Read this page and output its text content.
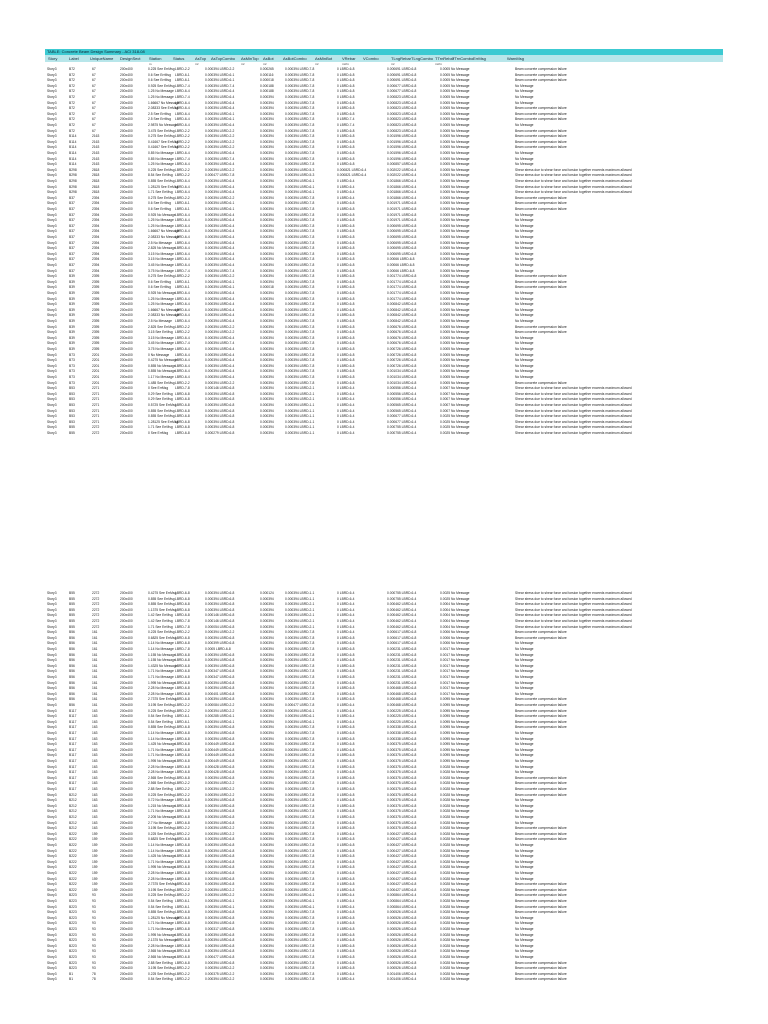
TABLE: Concrete Beam Design Summary - ACI 318-08
Story	Label	UniqueName DesignSect Station	Status	AsTop AsTopCombo AsMinTop AsBot AsBotCombo AsMinBot VRebar VCombo	TLngRebar TLngCombo TTrnRebar
TTrnCombo ErrMsg	WarnMsg
m	m²	m²	m²	m²	m²/m	m²	m²/m
Story3	B72	67	200x400	0.225 See ErrMsg LBRD-2-2	0.000394 LBRD-2-2	0.000265	0.000394 LBRD-7-8	0 LBRD-6-8	0.000691 LBRD-6-8	0.0005 No Message	Beam concrete compression failure
Story3	B72	67	200x400	0.6 See ErrMsg LBRD-6-1	0.000394 LBRD-6-1	0.000116	0.000394 LBRD-7-8	0 LBRD-6-8	0.000691 LBRD-6-8	0.0005 No Message	Beam concrete compression failure
Story3	B72	67	200x400	0.6 See ErrMsg LBRD-6-1	0.000394 LBRD-6-1	0.000018	0.000394 LBRD-7-8	0 LBRD-6-8	0.000691 LBRD-6-8	0.0005 No Message	Beam concrete compression failure
Story3	B72	67	200x400	0.925 See ErrMsg LBRD-7-4	0.000394 LBRD-7-4	0.000188	0.000394 LBRD-7-8	0 LBRD-6-8	0.000677 LBRD-6-8	0.0005 No Message	No Message
Story3	B72	67	200x400	1.25 No Message LBRD-6-4	0.000394 LBRD-6-4	0.000188	0.000394 LBRD-7-8	0 LBRD-6-8	0.000677 LBRD-6-8	0.0005 No Message	No Message
Story3	B72	67	200x400	1.25 No Message LBRD-7-4	0.000394 LBRD-6-4	0.000394	0.000394 LBRD-7-8	0 LBRD-6-8	0.000823 LBRD-6-8	0.0005 No Message	No Message
Story3	B72	67	200x400	1.66667 No Message
LBRD-6-4	0.000394 LBRD-6-4	0.000394	0.000394 LBRD-7-8	0 LBRD-6-8	0.000823 LBRD-6-8	0.0005 No Message	No Message
Story3	B72	67	200x400	2.08333 See ErrMsg
LBRD-6-4	0.000394 LBRD-6-4	0.000394	0.000394 LBRD-7-8	0 LBRD-6-8	0.000823 LBRD-6-8	0.0005 No Message	Beam concrete compression failure
Story3	B72	67	200x400	2.5 See ErrMsg LBRD-6-4	0.000394 LBRD-6-1	0.000394	0.000394 LBRD-7-8	0 LBRD-6-8	0.000823 LBRD-6-8	0.0005 No Message	Beam concrete compression failure
Story3	B72	67	200x400	2.5 See ErrMsg LBRD-6-4	0.000394 LBRD-6-1	0.000394	0.000394 LBRD-7-8	0 LBRD-7-4	0.000823 LBRD-6-8	0.0005 No Message	Beam concrete compression failure
Story3	B72	67	200x400	2.9875 No Message
LBRD-6-4	0.000394 LBRD-6-4	0.000394	0.000394 LBRD-7-8	0 LBRD-7-4	0.000823 LBRD-6-8	0.0005 No Message	No Message
Story3	B72	67	200x400	3.475 See ErrMsg LBRD-2-2	0.000394 LBRD-2-2	0.000394	0.000394 LBRD-7-8	0 LBRD-6-8	0.000823 LBRD-6-8	0.0005 No Message	Beam concrete compression failure
Story3	B114	2163	200x400	0.275 See ErrMsg LBRD-2-2	0.000394 LBRD-2-2	0.000394	0.000394 LBRD-7-8	0 LBRD-6-8	0.001596 LBRD-6-8	0.0005 No Message	Beam concrete compression failure
Story3	B114	2163	200x400	0.41667 See ErrMsg
LBRD-2-2	0.000394 LBRD-2-2	0.000394	0.000394 LBRD-7-8	0 LBRD-6-8	0.001596 LBRD-6-8	0.0005 No Message	Beam concrete compression failure
Story3	B114	2163	200x400	0.41667 See ErrMsg
LBRD-2-2	0.000394 LBRD-2-2	0.000394	0.000394 LBRD-7-8	0 LBRD-6-8	0.001596 LBRD-6-8	0.0005 No Message	Beam concrete compression failure
Story3	B114	2163	200x400	0.85 No Message LBRD-6-4	0.000394 LBRD-6-4	0.000394	0.000394 LBRD-7-8	0 LBRD-6-8	0.001596 LBRD-6-8	0.0005 No Message	No Message
Story3	B114	2163	200x400	0.85 No Message LBRD-7-4	0.000394 LBRD-7-4	0.000394	0.000394 LBRD-7-8	0 LBRD-6-8	0.001596 LBRD-6-8	0.0005 No Message	No Message
Story3	B114	2163	200x400	1.25 No Message LBRD-6-4	0.000394 LBRD-6-4	0.000394	0.000394 LBRD-7-8	0 LBRD-6-8	0.000857 LBRD-6-8	0.0005 No Message	No Message
Story3	B298	2818	200x400	0.225 See ErrMsg LBRD-2-2	0.000394 LBRD-2-2	0.000394	0.000394 LBRD-5-3	0.000821 LBRD-6-4	0.002022 LBRD-6-4	0.0005 No Message	Shear stress due to shear force and torsion together exceeds maximum allowed
Story3	B298	2818	200x400	8.54 See ErrMsg LBRD-2-2	0.000477 LBRD-7-8	0.000394	0.000394 LBRD-5-3	0.000821 LBRD-6-4	0.002022 LBRD-6-4	0.0005 No Message	Shear stress due to shear force and torsion together exceeds maximum allowed
Story3	B298	2818	200x400	0.855 See ErrMsg LBRD-6-4	0.000394 LBRD-6-4	0.000394	0.000394 LBRD-6-1	0 LBRD-6-4	0.001866 LBRD-6-4	0.0005 No Message	Shear stress due to shear force and torsion together exceeds maximum allowed
Story3	B298	2818	200x400	1.28125 See ErrMsg
LBRD-6-4	0.000394 LBRD-6-4	0.000394	0.000394 LBRD-6-1	0 LBRD-6-4	0.001866 LBRD-6-4	0.0005 No Message	Shear stress due to shear force and torsion together exceeds maximum allowed
Story3	B298	2818	200x400	1.71 See ErrMsg LBRD-6-4	0.000394 LBRD-6-4	0.000394	0.000394 LBRD-6-1	0 LBRD-6-4	0.001866 LBRD-6-4	0.0005 No Message	Shear stress due to shear force and torsion together exceeds maximum allowed
Story3	B37	2394	200x400	0.275 See ErrMsg LBRD-2-2	0.000394 LBRD-2-2	0.000394	0.000394 LBRD-7-8	0 LBRD-6-4	0.001866 LBRD-6-4	0.0005 No Message	Beam concrete compression failure
Story3	B37	2394	200x400	0.6 See ErrMsg LBRD-6-1	0.000394 LBRD-6-1	0.000394	0.000394 LBRD-7-8	0 LBRD-6-8	0.001971 LBRD-6-8	0.0005 No Message	Beam concrete compression failure
Story3	B37	2394	200x400	0.6 See ErrMsg LBRD-6-1	0.000394 LBRD-6-1	0.000394	0.000394 LBRD-7-8	0 LBRD-6-8	0.001971 LBRD-6-8	0.0005 No Message	Beam concrete compression failure
Story3	B37	2394	200x400	0.925 No Message LBRD-6-4	0.000394 LBRD-6-4	0.000394	0.000394 LBRD-7-8	0 LBRD-6-8	0.001971 LBRD-6-8	0.0005 No Message	No Message
Story3	B37	2394	200x400	1.25 No Message LBRD-6-4	0.000394 LBRD-6-4	0.000394	0.000394 LBRD-7-8	0 LBRD-6-8	0.001971 LBRD-6-8	0.0005 No Message	No Message
Story3	B37	2394	200x400	1.25 No Message LBRD-6-4	0.000394 LBRD-6-4	0.000394	0.000394 LBRD-7-8	0 LBRD-6-8	0.000695 LBRD-6-8	0.0005 No Message	No Message
Story3	B37	2394	200x400	1.66667 No Message
LBRD-6-4	0.000394 LBRD-6-4	0.000394	0.000394 LBRD-7-8	0 LBRD-6-8	0.000695 LBRD-6-8	0.0005 No Message	No Message
Story3	B37	2394	200x400	2.08333 No Message
LBRD-6-4	0.000394 LBRD-6-4	0.000394	0.000394 LBRD-7-8	0 LBRD-6-8	0.000695 LBRD-6-8	0.0005 No Message	No Message
Story3	B37	2394	200x400	2.5 No Message LBRD-6-4	0.000394 LBRD-6-4	0.000394	0.000394 LBRD-7-8	0 LBRD-6-8	0.000695 LBRD-6-8	0.0005 No Message	No Message
Story3	B37	2394	200x400	2.825 No Message LBRD-6-4	0.000394 LBRD-6-4	0.000394	0.000394 LBRD-7-8	0 LBRD-6-8	0.000695 LBRD-6-8	0.0005 No Message	No Message
Story3	B37	2394	200x400	3.15 No Message LBRD-6-4	0.000394 LBRD-6-4	0.000394	0.000394 LBRD-7-8	0 LBRD-6-8	0.000695 LBRD-6-8	0.0005 No Message	No Message
Story3	B37	2394	200x400	3.15 No Message LBRD-6-4	0.000394 LBRD-6-4	0.000394	0.000394 LBRD-7-8	0 LBRD-6-8	0.00066 LBRD-6-8	0.0005 No Message	No Message
Story3	B37	2394	200x400	3.45 No Message LBRD-6-4	0.000394 LBRD-6-4	0.000394	0.000394 LBRD-7-8	0 LBRD-6-8	0.00066 LBRD-6-8	0.0005 No Message	No Message
Story3	B37	2394	200x400	3.75 No Message LBRD-7-4	0.000394 LBRD-7-4	0.000394	0.000394 LBRD-7-8	0 LBRD-6-8	0.00066 LBRD-6-8	0.0005 No Message	No Message
Story3	B39	2395	200x400	0.275 See ErrMsg LBRD-2-2	0.000394 LBRD-2-2	0.000394	0.000394 LBRD-7-8	0 LBRD-6-8	0.001774 LBRD-6-8	0.0005 No Message	Beam concrete compression failure
Story3	B39	2395	200x400	0.6 See ErrMsg LBRD-6-1	0.000394 LBRD-6-1	0.000394	0.000394 LBRD-7-8	0 LBRD-6-8	0.001774 LBRD-6-8	0.0005 No Message	Beam concrete compression failure
Story3	B39	2395	200x400	0.6 See ErrMsg LBRD-6-1	0.000394 LBRD-6-1	0.000018	0.000394 LBRD-7-8	0 LBRD-6-8	0.001774 LBRD-6-8	0.0005 No Message	Beam concrete compression failure
Story3	B39	2395	200x400	0.925 No Message LBRD-6-4	0.000394 LBRD-6-4	0.000394	0.000394 LBRD-7-8	0 LBRD-6-8	0.001774 LBRD-6-8	0.0005 No Message	No Message
Story3	B39	2395	200x400	1.25 No Message LBRD-6-4	0.000394 LBRD-6-4	0.000394	0.000394 LBRD-7-8	0 LBRD-6-8	0.001774 LBRD-6-8	0.0005 No Message	No Message
Story3	B39	2395	200x400	1.25 No Message LBRD-6-4	0.000394 LBRD-6-4	0.000394	0.000394 LBRD-7-8	0 LBRD-6-8	0.000842 LBRD-6-8	0.0005 No Message	No Message
Story3	B39	2395	200x400	1.66667 No Message
LBRD-6-4	0.000394 LBRD-6-4	0.000394	0.000394 LBRD-7-8	0 LBRD-6-8	0.000842 LBRD-6-8	0.0005 No Message	No Message
Story3	B39	2395	200x400	2.08333 No Message
LBRD-6-4	0.000394 LBRD-6-4	0.000394	0.000394 LBRD-7-8	0 LBRD-6-8	0.000842 LBRD-6-8	0.0005 No Message	No Message
Story3	B39	2395	200x400	2.5 No Message LBRD-6-4	0.000394 LBRD-6-4	0.000394	0.000394 LBRD-7-8	0 LBRD-6-8	0.000842 LBRD-6-8	0.0005 No Message	No Message
Story3	B39	2395	200x400	2.825 See ErrMsg LBRD-2-2	0.000394 LBRD-2-2	0.000394	0.000394 LBRD-7-8	0 LBRD-6-8	0.000676 LBRD-6-8	0.0005 No Message	Beam concrete compression failure
Story3	B39	2395	200x400	3.15 See ErrMsg LBRD-2-2	0.000394 LBRD-2-2	0.000394	0.000394 LBRD-7-8	0 LBRD-6-8	0.000676 LBRD-6-8	0.0005 No Message	Beam concrete compression failure
Story3	B39	2395	200x400	3.15 No Message LBRD-6-4	0.000394 LBRD-6-4	0.000394	0.000394 LBRD-7-8	0 LBRD-6-8	0.000676 LBRD-6-8	0.0005 No Message	No Message
Story3	B39	2395	200x400	3.45 No Message LBRD-7-4	0.000394 LBRD-7-4	0.000394	0.000394 LBRD-7-8	0 LBRD-6-8	0.000676 LBRD-6-8	0.0005 No Message	No Message
Story3	B39	2395	200x400	3.75 No Message LBRD-6-4	0.000394 LBRD-6-4	0.000394	0.000394 LBRD-7-8	0 LBRD-6-8	0.000726 LBRD-6-8	0.0005 No Message	No Message
Story3	B73	2201	200x400	0 No Message LBRD-6-4	0.000394 LBRD-6-4	0.000394	0.000394 LBRD-7-8	0 LBRD-6-8	0.000726 LBRD-6-8	0.0005 No Message	No Message
Story3	B73	2201	200x400	0.4275 No Message
LBRD-6-4	0.000394 LBRD-6-4	0.000394	0.000394 LBRD-7-8	0 LBRD-6-8	0.000726 LBRD-6-8	0.0005 No Message	No Message
Story3	B73	2201	200x400	0.855 No Message LBRD-6-4	0.000394 LBRD-6-4	0.000394	0.000394 LBRD-7-8	0 LBRD-6-8	0.000726 LBRD-6-8	0.0005 No Message	No Message
Story3	B73	2201	200x400	0.855 No Message LBRD-6-4	0.000394 LBRD-6-4	0.000394	0.000394 LBRD-7-8	0 LBRD-6-8	0.001034 LBRD-6-8	0.0005 No Message	No Message
Story3	B73	2201	200x400	1.17 No Message LBRD-6-4	0.000394 LBRD-6-4	0.000394	0.000394 LBRD-7-8	0 LBRD-6-8	0.001034 LBRD-6-8	0.0005 No Message	No Message
Story3	B73	2201	200x400	1.485 See ErrMsg LBRD-2-2	0.000394 LBRD-2-2	0.000394	0.000394 LBRD-7-8	0 LBRD-6-8	0.001034 LBRD-6-8	0.0005 No Message	Beam concrete compression failure
Story3	B53	2271	200x400	0 See ErrMsg LBRD-7-8	0.000146 LBRD-6-8	0.000394	0.000394 LBRD-2-1	0 LBRD-6-4	0.000556 LBRD-6-4	0.0007 No Message	Shear stress due to shear force and torsion together exceeds maximum allowed
Story3	B53	2271	200x400	0.29 See ErrMsg LBRD-6-8	0.000394 LBRD-6-8	0.000394	0.000394 LBRD-2-1	0 LBRD-6-4	0.000556 LBRD-6-4	0.0007 No Message	Shear stress due to shear force and torsion together exceeds maximum allowed
Story3	B53	2271	200x400	0.29 See ErrMsg LBRD-6-8	0.000394 LBRD-6-8	0.000394	0.000394 LBRD-2-1	0 LBRD-6-4	0.000556 LBRD-6-4	0.0007 No Message	Shear stress due to shear force and torsion together exceeds maximum allowed
Story3	B53	2271	200x400	0.5725 See ErrMsg
LBRD-6-8	0.000394 LBRD-6-8	0.000394	0.000394 LBRD-1-1	0 LBRD-6-4	0.000565 LBRD-6-4	0.0007 No Message	Shear stress due to shear force and torsion together exceeds maximum allowed
Story3	B53	2271	200x400	0.855 See ErrMsg LBRD-6-8	0.000394 LBRD-6-8	0.000394	0.000394 LBRD-1-1	0 LBRD-6-4	0.000565 LBRD-6-4	0.0007 No Message	Shear stress due to shear force and torsion together exceeds maximum allowed
Story3	B53	2271	200x400	0.855 See ErrMsg LBRD-6-8	0.000394 LBRD-6-8	0.000394	0.000394 LBRD-1-1	0 LBRD-6-4	0.000677 LBRD-6-4	0.0025 No Message	Shear stress due to shear force and torsion together exceeds maximum allowed
Story3	B53	2271	200x400	1.28125 See ErrMsg
LBRD-6-8	0.000394 LBRD-6-8	0.000394	0.000394 LBRD-1-1	0 LBRD-6-4	0.000677 LBRD-6-4	0.0025 No Message	Shear stress due to shear force and torsion together exceeds maximum allowed
Story3	B55	2272	200x400	1.71 See ErrMsg LBRD-6-8	0.000394 LBRD-6-8	0.000394	0.000394 LBRD-1-1	0 LBRD-6-4	0.000755 LBRD-6-4	0.0025 No Message	Shear stress due to shear force and torsion together exceeds maximum allowed
Story3	B55	2272	200x400	0 See ErrMsg LBRD-6-8	0.000279 LBRD-6-8	0.000394	0.000394 LBRD-1-1	0 LBRD-6-4	0.000755 LBRD-6-4	0.0025 No Message	Shear stress due to shear force and torsion together exceeds maximum allowed
Story3	B55	2272	200x400	0.4275 See ErrMsg
LBRD-6-8	0.000394 LBRD-6-8	0.000124	0.000394 LBRD-1-1	0 LBRD-6-4	0.000755 LBRD-6-4	0.0025 No Message	Shear stress due to shear force and torsion together exceeds maximum allowed
Story3	B55	2272	200x400	0.855 See ErrMsg LBRD-6-8	0.000394 LBRD-6-8	0.000394	0.000394 LBRD-1-1	0 LBRD-6-4	0.000755 LBRD-6-4	0.0025 No Message	Shear stress due to shear force and torsion together exceeds maximum allowed
Story3	B55	2272	200x400	0.855 See ErrMsg LBRD-6-8	0.000394 LBRD-6-8	0.000394	0.000394 LBRD-2-1	0 LBRD-6-4	0.000462 LBRD-6-4	0.0004 No Message	Shear stress due to shear force and torsion together exceeds maximum allowed
Story3	B55	2272	200x400	1.1375 See ErrMsg
LBRD-6-8	0.000394 LBRD-6-8	0.000394	0.000394 LBRD-2-1	0 LBRD-6-4	0.000462 LBRD-6-4	0.0004 No Message	Shear stress due to shear force and torsion together exceeds maximum allowed
Story3	B55	2272	200x400	1.42 See ErrMsg LBRD-6-8	0.000146 LBRD-6-8	0.000394	0.000394 LBRD-2-1	0 LBRD-6-4	0.000462 LBRD-6-4	0.0004 No Message	Shear stress due to shear force and torsion together exceeds maximum allowed
Story3	B55	2272	200x400	1.42 See ErrMsg LBRD-7-8	0.000146 LBRD-6-8	0.000394	0.000394 LBRD-2-1	0 LBRD-6-4	0.000462 LBRD-6-4	0.0004 No Message	Shear stress due to shear force and torsion together exceeds maximum allowed
Story3	B55	2272	200x400	1.71 See ErrMsg LBRD-7-8	0.000054 LBRD-6-8	0.000394	0.000394 LBRD-2-1	0 LBRD-6-4	0.000462 LBRD-6-4	0.0004 No Message	Shear stress due to shear force and torsion together exceeds maximum allowed
Story3	B56	161	200x400	0.225 See ErrMsg LBRD-2-2	0.000394 LBRD-2-2	0.000394	0.000394 LBRD-7-8	0 LBRD-6-4	0.000617 LBRD-6-8	0.0006 No Message	Beam concrete compression failure
Story3	B56	161	200x400	0.6825 See ErrMsg
LBRD-6-8	0.000394 LBRD-6-8	0.000394	0.000394 LBRD-7-8	0 LBRD-6-8	0.000617 LBRD-6-8	0.0006 No Message	Beam concrete compression failure
Story3	B56	161	200x400	1.14 No Message LBRD-6-8	0.000399 LBRD-6-8	0.000394	0.000394 LBRD-7-8	0 LBRD-6-8	0.000617 LBRD-6-8	0.0006 No Message	No Message
Story3	B56	161	200x400	1.14 No Message LBRD-7-8	0.0005 LBRD-6-8	0.000394	0.000394 LBRD-7-8	0 LBRD-6-8	0.000231 LBRD-6-8	0.0017 No Message	No Message
Story3	B56	161	200x400	1.155 No Message LBRD-6-8	0.000394 LBRD-6-8	0.000394	0.000394 LBRD-7-8	0 LBRD-6-8	0.000231 LBRD-6-8	0.0017 No Message	No Message
Story3	B56	161	200x400	1.155 No Message LBRD-6-8	0.000394 LBRD-6-8	0.000394	0.000394 LBRD-7-8	0 LBRD-6-8	0.000231 LBRD-6-8	0.0017 No Message	No Message
Story3	B56	161	200x400	1.4325 No Message
LBRD-6-8	0.000394 LBRD-6-8	0.000394	0.000394 LBRD-7-8	0 LBRD-6-8	0.000231 LBRD-6-8	0.0017 No Message	No Message
Story3	B56	161	200x400	1.71 No Message LBRD-6-8	0.000347 LBRD-6-8	0.000394	0.000394 LBRD-7-8	0 LBRD-6-8	0.000231 LBRD-6-8	0.0017 No Message	No Message
Story3	B56	161	200x400	1.71 No Message LBRD-6-8	0.000347 LBRD-6-8	0.000394	0.000394 LBRD-7-8	0 LBRD-6-8	0.000231 LBRD-6-8	0.0017 No Message	No Message
Story3	B56	161	200x400	1.995 No Message LBRD-6-8	0.000394 LBRD-6-8	0.000394	0.000394 LBRD-7-8	0 LBRD-6-8	0.000231 LBRD-6-8	0.0017 No Message	No Message
Story3	B56	161	200x400	2.28 No Message LBRD-6-8	0.000394 LBRD-6-8	0.000394	0.000394 LBRD-7-8	0 LBRD-6-8	0.000468 LBRD-6-8	0.0017 No Message	No Message
Story3	B56	161	200x400	2.28 No Message LBRD-6-8	0.000401 LBRD-6-8	0.000394	0.000394 LBRD-7-8	0 LBRD-6-8	0.000468 LBRD-6-8	0.0017 No Message	No Message
Story3	B56	161	200x400	2.7375 See ErrMsg
LBRD-6-8	0.000394 LBRD-6-8	0.000394	0.000394 LBRD-7-8	0 LBRD-6-8	0.000468 LBRD-6-8	0.0095 No Message	Beam concrete compression failure
Story3	B56	161	200x400	3.195 See ErrMsg LBRD-2-2	0.000084 LBRD-2-2	0.000394	0.000477 LBRD-7-8	0 LBRD-6-4	0.000468 LBRD-6-8	0.0095 No Message	Beam concrete compression failure
Story3	B117	163	200x400	0.225 See ErrMsg LBRD-2-2	0.000394 LBRD-2-2	0.000394	0.000394 LBRD-6-1	0 LBRD-6-4	0.000225 LBRD-6-4	0.0095 No Message	Beam concrete compression failure
Story3	B117	163	200x400	0.54 See ErrMsg LBRD-6-1	0.000285 LBRD-6-1	0.000394	0.000394 LBRD-6-1	0 LBRD-6-4	0.000225 LBRD-6-4	0.0095 No Message	Beam concrete compression failure
Story3	B117	163	200x400	0.54 See ErrMsg LBRD-6-1	0.000394 LBRD-6-1	0.000394	0.000394 LBRD-6-1	0 LBRD-6-4	0.000225 LBRD-6-4	0.0095 No Message	Beam concrete compression failure
Story3	B117	163	200x400	0.855 See ErrMsg LBRD-6-8	0.000394 LBRD-6-8	0.000394	0.000394 LBRD-7-8	0 LBRD-6-8	0.000338 LBRD-6-8	0.0095 No Message	Beam concrete compression failure
Story3	B117	163	200x400	1.14 No Message LBRD-6-8	0.000394 LBRD-6-8	0.000394	0.000394 LBRD-7-8	0 LBRD-6-8	0.000338 LBRD-6-8	0.0095 No Message	No Message
Story3	B117	163	200x400	1.14 No Message LBRD-6-8	0.000394 LBRD-6-8	0.000394	0.000394 LBRD-7-8	0 LBRD-6-8	0.000338 LBRD-6-8	0.0095 No Message	No Message
Story3	B117	163	200x400	1.425 No Message LBRD-6-8	0.000449 LBRD-6-8	0.000394	0.000394 LBRD-7-8	0 LBRD-6-8	0.000375 LBRD-6-8	0.0095 No Message	No Message
Story3	B117	163	200x400	1.71 No Message LBRD-6-8	0.000449 LBRD-6-8	0.000394	0.000394 LBRD-7-8	0 LBRD-6-8	0.000375 LBRD-6-8	0.0095 No Message	No Message
Story3	B117	163	200x400	1.71 No Message LBRD-6-8	0.000449 LBRD-6-8	0.000394	0.000394 LBRD-7-8	0 LBRD-6-8	0.000375 LBRD-6-8	0.0095 No Message	No Message
Story3	B117	163	200x400	1.995 No Message LBRD-6-8	0.000449 LBRD-6-8	0.000394	0.000394 LBRD-7-8	0 LBRD-6-8	0.000375 LBRD-6-8	0.0095 No Message	No Message
Story3	B117	163	200x400	2.28 No Message LBRD-6-8	0.000428 LBRD-6-8	0.000394	0.000394 LBRD-7-8	0 LBRD-6-8	0.000375 LBRD-6-8	0.0028 No Message	No Message
Story3	B117	163	200x400	2.28 No Message LBRD-6-8	0.000428 LBRD-6-8	0.000394	0.000394 LBRD-7-8	0 LBRD-6-8	0.000375 LBRD-6-8	0.0028 No Message	No Message
Story3	B117	163	200x400	2.565 See ErrMsg LBRD-6-8	0.000394 LBRD-6-8	0.000394	0.000394 LBRD-7-8	0 LBRD-6-8	0.000375 LBRD-6-8	0.0028 No Message	Beam concrete compression failure
Story3	B117	163	200x400	2.565 See ErrMsg LBRD-2-2	0.000394 LBRD-2-2	0.000394	0.000394 LBRD-7-8	0 LBRD-6-8	0.000375 LBRD-6-8	0.0028 No Message	Beam concrete compression failure
Story3	B117	163	200x400	2.88 See ErrMsg LBRD-2-2	0.000394 LBRD-2-2	0.000394	0.000394 LBRD-7-8	0 LBRD-6-8	0.000375 LBRD-6-8	0.0028 No Message	Beam concrete compression failure
Story3	B212	163	200x400	0.225 See ErrMsg LBRD-2-2	0.000394 LBRD-2-2	0.000394	0.000394 LBRD-7-8	0 LBRD-6-8	0.000375 LBRD-6-8	0.0028 No Message	Beam concrete compression failure
Story3	B212	163	200x400	0.72 No Message LBRD-6-8	0.000394 LBRD-6-8	0.000394	0.000394 LBRD-7-8	0 LBRD-6-8	0.000375 LBRD-6-8	0.0028 No Message	No Message
Story3	B212	163	200x400	1.215 No Message LBRD-6-8	0.000394 LBRD-6-8	0.000394	0.000394 LBRD-7-8	0 LBRD-6-8	0.000375 LBRD-6-8	0.0028 No Message	No Message
Story3	B212	163	200x400	1.71 No Message LBRD-6-8	0.000394 LBRD-6-8	0.000394	0.000394 LBRD-7-8	0 LBRD-6-8	0.000375 LBRD-6-8	0.0028 No Message	No Message
Story3	B212	163	200x400	2.205 No Message LBRD-6-8	0.000394 LBRD-6-8	0.000394	0.000394 LBRD-7-8	0 LBRD-6-8	0.000375 LBRD-6-8	0.0028 No Message	No Message
Story3	B212	163	200x400	2.7 No Message LBRD-6-8	0.000394 LBRD-6-8	0.000394	0.000394 LBRD-7-8	0 LBRD-6-8	0.000375 LBRD-6-8	0.0028 No Message	No Message
Story3	B212	163	200x400	3.195 See ErrMsg LBRD-2-2	0.000394 LBRD-2-2	0.000394	0.000394 LBRD-7-8	0 LBRD-6-8	0.000375 LBRD-6-8	0.0028 No Message	Beam concrete compression failure
Story3	B222	159	200x400	0.225 See ErrMsg LBRD-2-2	0.000394 LBRD-2-2	0.000394	0.000394 LBRD-7-8	0 LBRD-6-4	0.000427 LBRD-6-8	0.0028 No Message	Beam concrete compression failure
Story3	B222	159	200x400	0.6825 See ErrMsg
LBRD-6-8	0.000394 LBRD-6-8	0.000394	0.000394 LBRD-7-8	0 LBRD-6-8	0.000427 LBRD-6-8	0.0028 No Message	Beam concrete compression failure
Story3	B222	159	200x400	1.14 No Message LBRD-6-8	0.000394 LBRD-6-8	0.000394	0.000394 LBRD-7-8	0 LBRD-6-8	0.000427 LBRD-6-8	0.0028 No Message	No Message
Story3	B222	159	200x400	1.14 No Message LBRD-6-8	0.000394 LBRD-6-8	0.000394	0.000394 LBRD-7-8	0 LBRD-6-8	0.000427 LBRD-6-8	0.0028 No Message	No Message
Story3	B222	159	200x400	1.425 No Message LBRD-6-8	0.000394 LBRD-6-8	0.000394	0.000394 LBRD-7-8	0 LBRD-6-8	0.000427 LBRD-6-8	0.0028 No Message	No Message
Story3	B222	159	200x400	1.71 No Message LBRD-6-8	0.000394 LBRD-6-8	0.000394	0.000394 LBRD-7-8	0 LBRD-6-8	0.000427 LBRD-6-8	0.0028 No Message	No Message
Story3	B222	159	200x400	1.995 No Message LBRD-6-8	0.000394 LBRD-6-8	0.000394	0.000394 LBRD-7-8	0 LBRD-6-8	0.000427 LBRD-6-8	0.0028 No Message	No Message
Story3	B222	159	200x400	2.28 No Message LBRD-6-8	0.000394 LBRD-6-8	0.000394	0.000394 LBRD-7-8	0 LBRD-6-8	0.000427 LBRD-6-8	0.0028 No Message	No Message
Story3	B222	159	200x400	2.28 No Message LBRD-6-8	0.000394 LBRD-6-8	0.000394	0.000394 LBRD-7-8	0 LBRD-6-8	0.000427 LBRD-6-8	0.0028 No Message	No Message
Story3	B222	159	200x400	2.7375 See ErrMsg
LBRD-6-8	0.000394 LBRD-6-8	0.000394	0.000394 LBRD-7-8	0 LBRD-6-8	0.000427 LBRD-6-8	0.0028 No Message	Beam concrete compression failure
Story3	B222	159	200x400	3.195 See ErrMsg LBRD-2-2	0.000394 LBRD-2-2	0.000394	0.000394 LBRD-7-8	0 LBRD-6-8	0.000427 LBRD-6-8	0.0028 No Message	Beam concrete compression failure
Story3	B223	93	200x400	0.225 See ErrMsg LBRD-2-2	0.000394 LBRD-2-2	0.000394	0.000394 LBRD-6-1	0 LBRD-6-4	0.000864 LBRD-6-4	0.0028 No Message	Beam concrete compression failure
Story3	B223	93	200x400	0.54 See ErrMsg LBRD-6-1	0.000394 LBRD-6-1	0.000394	0.000394 LBRD-6-1	0 LBRD-6-4	0.000864 LBRD-6-4	0.0028 No Message	Beam concrete compression failure
Story3	B223	93	200x400	0.54 See ErrMsg LBRD-6-1	0.000394 LBRD-6-1	0.000394	0.000394 LBRD-6-1	0 LBRD-6-4	0.000864 LBRD-6-4	0.0028 No Message	Beam concrete compression failure
Story3	B223	93	200x400	0.855 See ErrMsg LBRD-6-8	0.000394 LBRD-6-8	0.000394	0.000394 LBRD-7-8	0 LBRD-6-8	0.000526 LBRD-6-8	0.0028 No Message	Beam concrete compression failure
Story3	B223	93	200x400	1.28125 No Message
LBRD-6-8	0.000394 LBRD-6-8	0.000394	0.000394 LBRD-7-8	0 LBRD-6-8	0.000526 LBRD-6-8	0.0028 No Message	No Message
Story3	B223	93	200x400	1.71 No Message LBRD-6-8	0.000394 LBRD-6-8	0.000394	0.000394 LBRD-7-8	0 LBRD-6-8	0.000526 LBRD-6-8	0.0028 No Message	No Message
Story3	B223	93	200x400	1.71 No Message LBRD-6-8	0.000317 LBRD-6-8	0.000394	0.000394 LBRD-7-8	0 LBRD-6-8	0.000526 LBRD-6-8	0.0028 No Message	No Message
Story3	B223	93	200x400	1.995 No Message LBRD-6-8	0.000394 LBRD-6-8	0.000394	0.000394 LBRD-7-8	0 LBRD-6-8	0.000526 LBRD-6-8	0.0028 No Message	No Message
Story3	B223	93	200x400	2.1375 No Message
LBRD-6-8	0.000394 LBRD-6-8	0.000394	0.000394 LBRD-7-8	0 LBRD-6-8	0.000526 LBRD-6-8	0.0028 No Message	No Message
Story3	B223	93	200x400	2.28 No Message LBRD-6-8	0.000394 LBRD-6-8	0.000394	0.000394 LBRD-7-8	0 LBRD-6-8	0.000526 LBRD-6-8	0.0028 No Message	No Message
Story3	B223	93	200x400	2.565 No Message LBRD-6-8	0.000394 LBRD-6-8	0.000394	0.000394 LBRD-7-8	0 LBRD-6-8	0.000526 LBRD-6-8	0.0028 No Message	No Message
Story3	B223	93	200x400	2.565 No Message LBRD-6-8	0.000477 LBRD-6-8	0.000394	0.000394 LBRD-7-8	0 LBRD-6-8	0.000526 LBRD-6-8	0.0028 No Message	No Message
Story3	B223	93	200x400	2.88 See ErrMsg LBRD-6-8	0.000394 LBRD-6-8	0.000394	0.000394 LBRD-7-8	0 LBRD-6-8	0.000526 LBRD-6-8	0.0028 No Message	Beam concrete compression failure
Story3	B223	93	200x400	3.195 See ErrMsg LBRD-2-2	0.000394 LBRD-2-2	0.000394	0.000394 LBRD-7-8	0 LBRD-6-8	0.000526 LBRD-6-8	0.0028 No Message	Beam concrete compression failure
Story3	B1	78	200x400	0.225 See ErrMsg LBRD-2-2	0.000375 LBRD-2-2	0.000394	0.000394 LBRD-7-8	0 LBRD-6-4	0.001406 LBRD-6-4	0.0028 No Message	Beam concrete compression failure
Story3	B1	78	200x400	0.54 See ErrMsg LBRD-2-2	0.000394 LBRD-2-2	0.000394	0.000394 LBRD-7-8	0 LBRD-6-4	0.001406 LBRD-6-4	0.0028 No Message	Beam concrete compression failure
